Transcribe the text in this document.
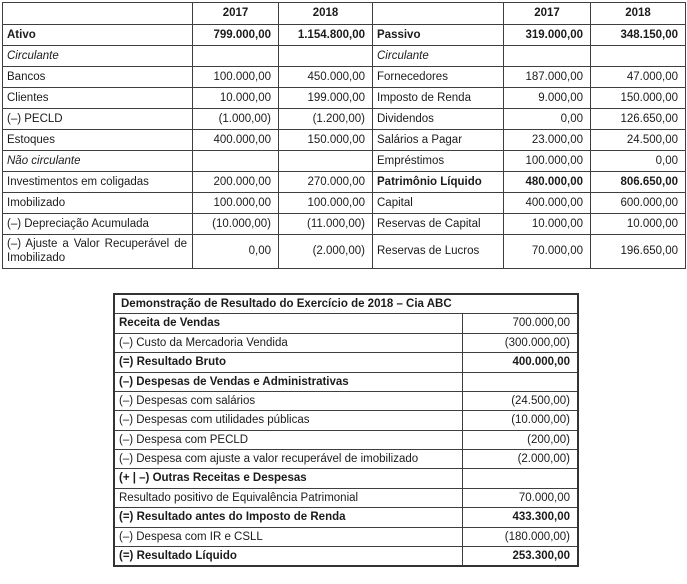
	2017	2018		2017	2018
Ativo	799.000,00	1.154.800,00	Passivo	319.000,00	348.150,00
Circulante			Circulante		
Bancos	100.000,00	450.000,00	Fornecedores	187.000,00	47.000,00
Clientes	10.000,00	199.000,00	Imposto de Renda	9.000,00	150.000,00
(–) PECLD	(1.000,00)	(1.200,00)	Dividendos	0,00	126.650,00
Estoques	400.000,00	150.000,00	Salários a Pagar	23.000,00	24.500,00
Não circulante			Empréstimos	100.000,00	0,00
Investimentos em coligadas	200.000,00	270.000,00	Patrimônio Líquido	480.000,00	806.650,00
Imobilizado	100.000,00	100.000,00	Capital	400.000,00	600.000,00
(–) Depreciação Acumulada	(10.000,00)	(11.000,00)	Reservas de Capital	10.000,00	10.000,00
(–) Ajuste a Valor Recuperável de Imobilizado	0,00	(2.000,00)	Reservas de Lucros	70.000,00	196.650,00
Demonstração de Resultado do Exercício de 2018 – Cia ABC	
Receita de Vendas	700.000,00
(–) Custo da Mercadoria Vendida	(300.000,00)
(=) Resultado Bruto	400.000,00
(–) Despesas de Vendas e Administrativas	
(–) Despesas com salários	(24.500,00)
(–) Despesas com utilidades públicas	(10.000,00)
(–) Despesa com PECLD	(200,00)
(–) Despesa com ajuste a valor recuperável de imobilizado	(2.000,00)
(+ | –) Outras Receitas e Despesas	
Resultado positivo de Equivalência Patrimonial	70.000,00
(=) Resultado antes do Imposto de Renda	433.300,00
(–) Despesa com IR e CSLL	(180.000,00)
(=) Resultado Líquido	253.300,00
